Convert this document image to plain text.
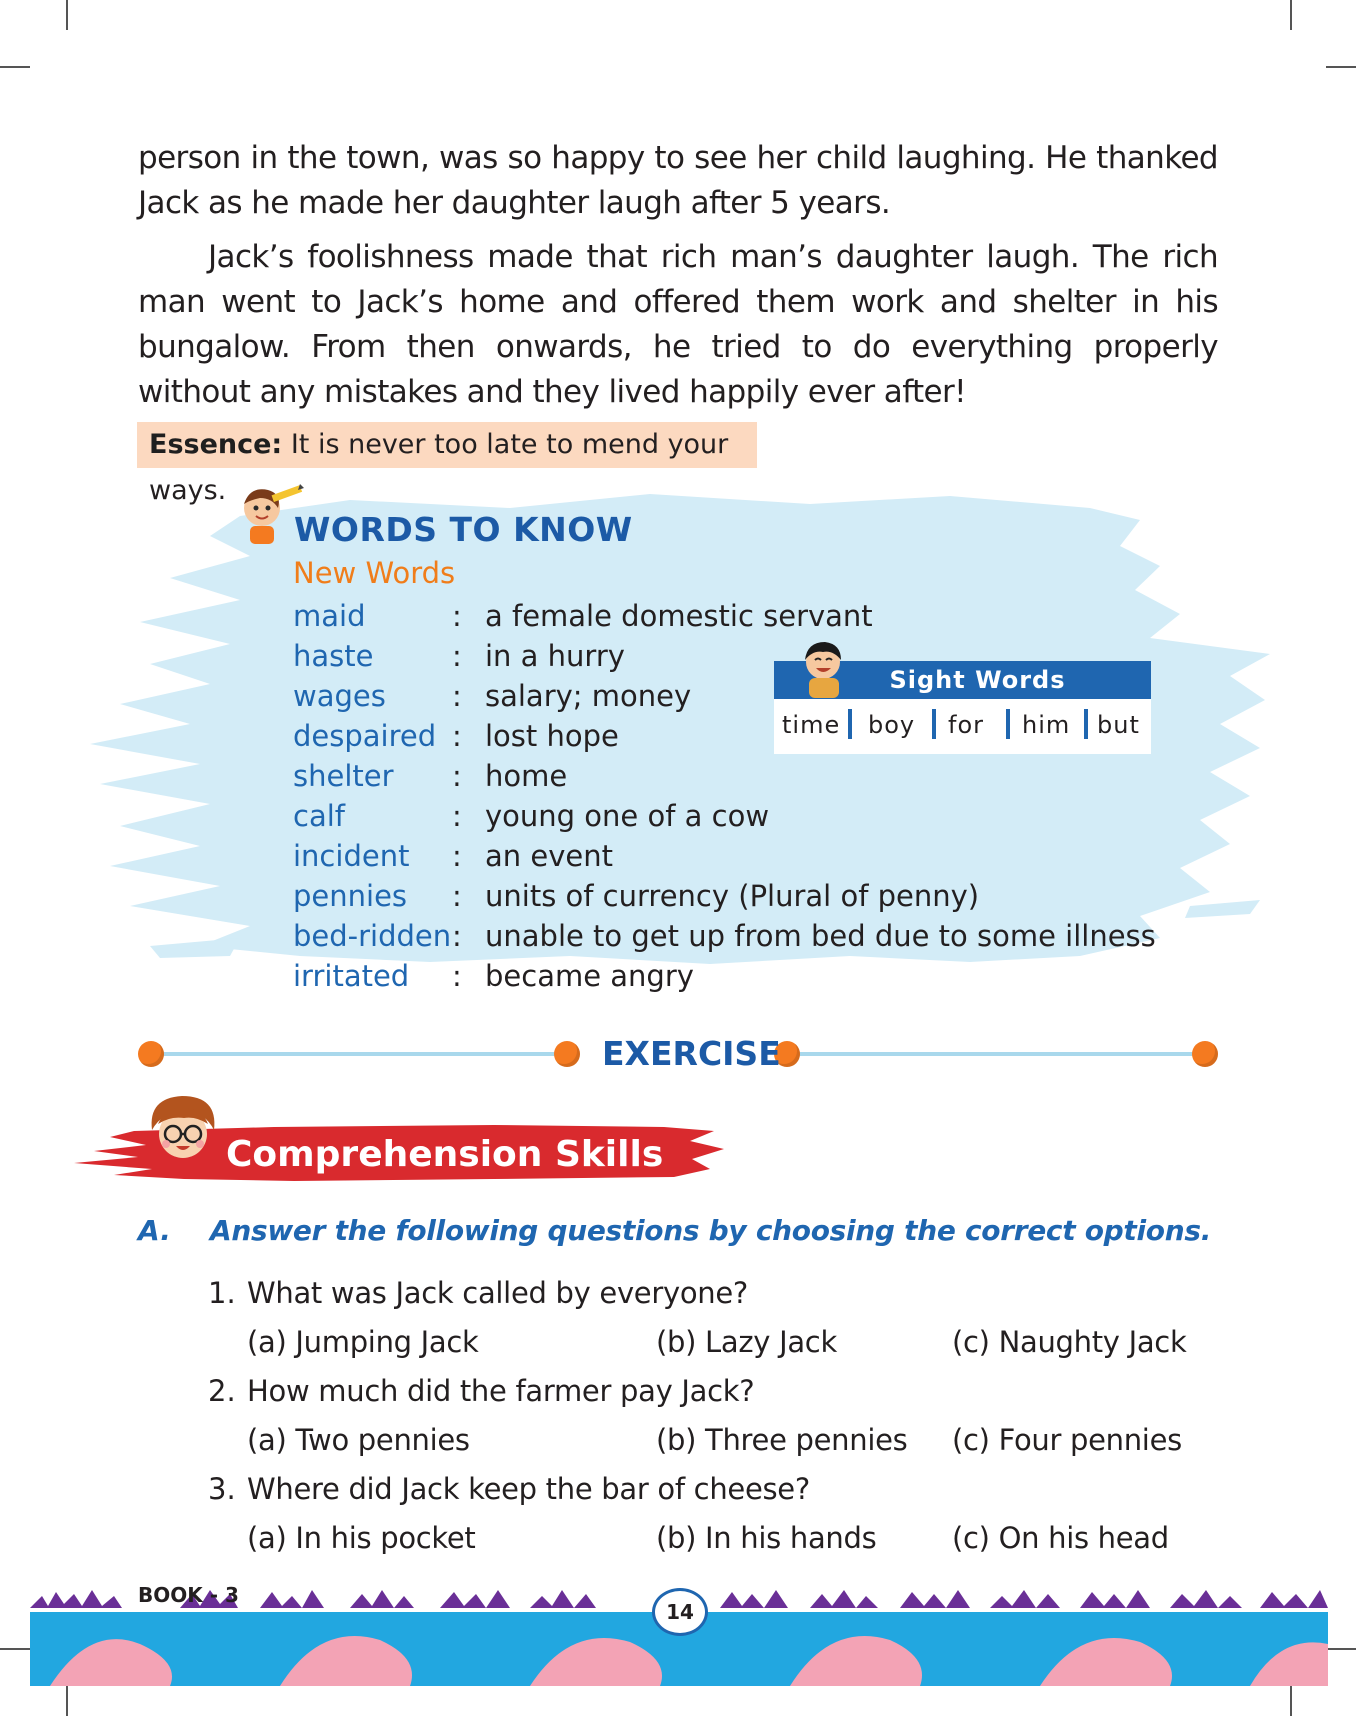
person in the town, was so happy to see her child laughing. He thanked Jack as he made her daughter laugh after 5 years.

Jack’s foolishness made that rich man’s daughter laugh. The rich man went to Jack’s home and offered them work and shelter in his bungalow. From then onwards, he tried to do everything properly without any mistakes and they lived happily ever after!

Essence: It is never too late to mend your ways.
WORDS TO KNOW
New Words
maid	: a female domestic servant
haste	: in a hurry
wages : salary; money
despaired : lost hope
shelter : home
calf	: young one of a cow
incident : an event
pennies : units of currency (Plural of penny)
bed-ridden : unable to get up from bed due to some illness
irritated : became angry
Sight Words
time boy for him but
EXERCISE
Comprehension Skills
A. Answer the following questions by choosing the correct options.
1. What was Jack called by everyone?
(a) Jumping Jack	(b) Lazy Jack	(c) Naughty Jack
2. How much did the farmer pay Jack?
(a) Two pennies	(b) Three pennies (c) Four pennies
3. Where did Jack keep the bar of cheese?
(a) In his pocket	(b) In his hands	(c) On his head
BOOK - 3
14
